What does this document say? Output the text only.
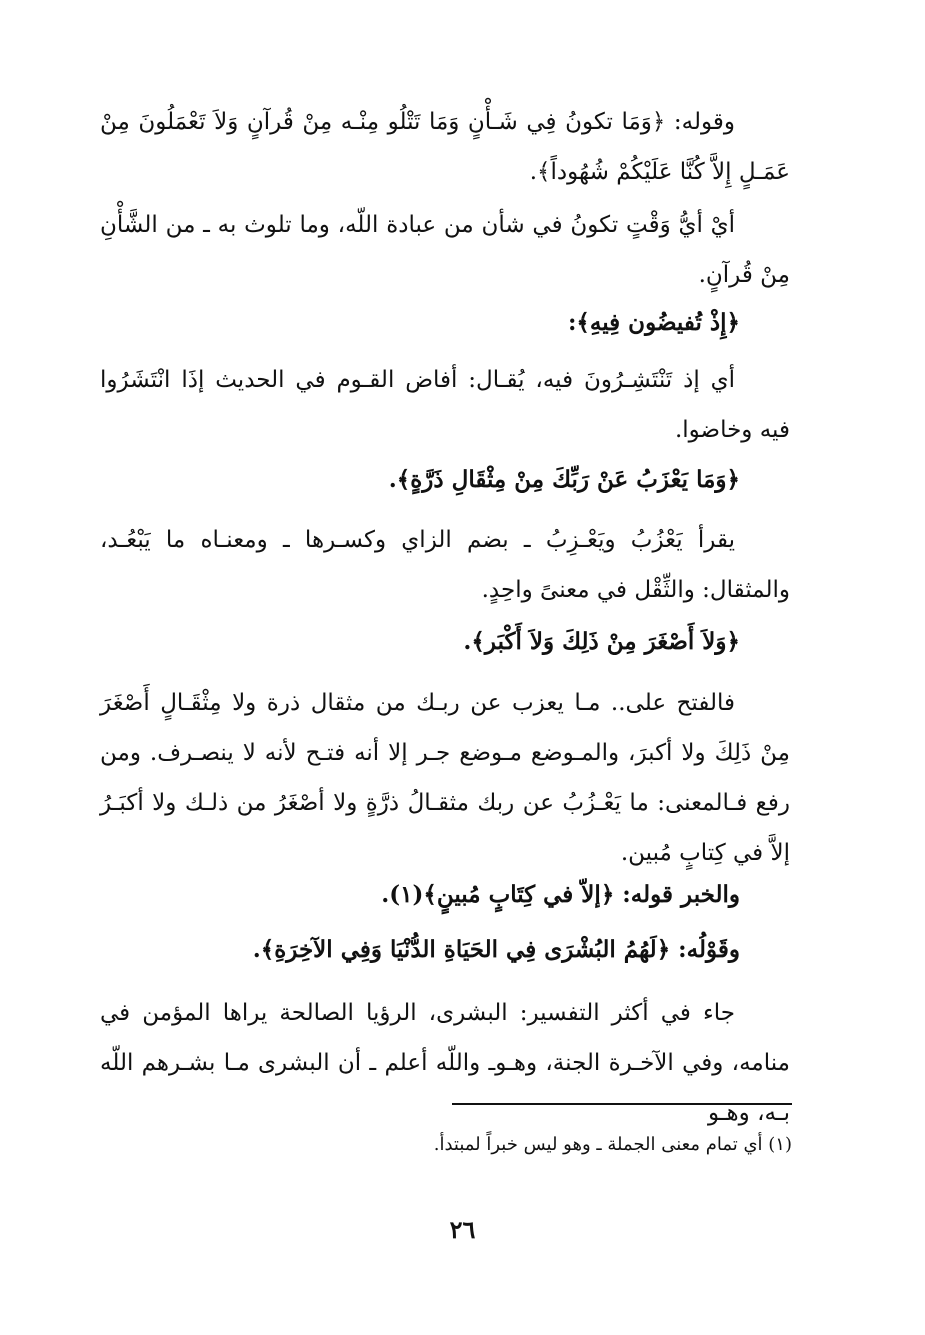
وقوله: ﴿وَمَا تكونُ فِي شَـأْنٍ وَمَا تَتْلُو مِنْـه مِنْ قُرآنٍ وَلاَ تَعْمَلُونَ مِنْ عَمَـلٍ إِلاَّ كُنَّا عَلَيْكُمْ شُهُوداً﴾.

أيْ أيُّ وَقْتٍ تكونُ في شأن من عبادة اللّه، وما تلوث به ـ من الشَّأْنِ مِنْ قُرآنٍ.

﴿إِذْ تُفيضُون فِيهِ﴾:

أي إذ تَنْتَشِـرُونَ فيه، يُقـال: أفاض القـوم في الحديث إذَا انْتَشَرُوا فيه وخاضوا.

﴿وَمَا يَعْزَبُ عَنْ رَبِّكَ مِنْ مِثْقَالِ ذَرَّةٍ﴾.

يقرأ يَعْزُبُ ويَعْـزِبُ ـ بضم الزاي وكسـرها ـ ومعنـاه ما يَبْعُـد، والمثقال: والثِّقْل في معنىً واحِدٍ.

﴿وَلاَ أَصْغَرَ مِنْ ذَلِكَ وَلاَ أَكْبَر﴾.

فالفتح على.. مـا يعزب عن ربـك من مثقال ذرة ولا مِثْقَـالٍ أَصْغَرَ مِنْ ذَلِكَ ولا أكبرَ، والمـوضع مـوضع جـر إلا أنه فتـح لأنه لا ينصـرف. ومن رفع فـالمعنى: ما يَعْـزُبُ عن ربك مثقـالُ ذرَّةٍ ولا أصْغَرُ من ذلـك ولا أكبَـرُ إلاَّ في كِتابٍ مُبين.

والخبر قوله: ﴿إلاّ في كِتَابٍ مُبينٍ﴾(١).

وقَوْلُه: ﴿لَهُمُ البُشْرَى فِي الحَيَاةِ الدُّنْيَا وَفِي الآخِرَةِ﴾.

جاء في أكثر التفسير: البشرى، الرؤيا الصالحة يراها المؤمن في منامه، وفي الآخـرة الجنة، وهـوـ واللّه أعلم ـ أن البشرى مـا بشـرهم اللّه بـه، وهـو

(١) أي تمام معنى الجملة ـ وهو ليس خبراً لمبتدأ.

٢٦
